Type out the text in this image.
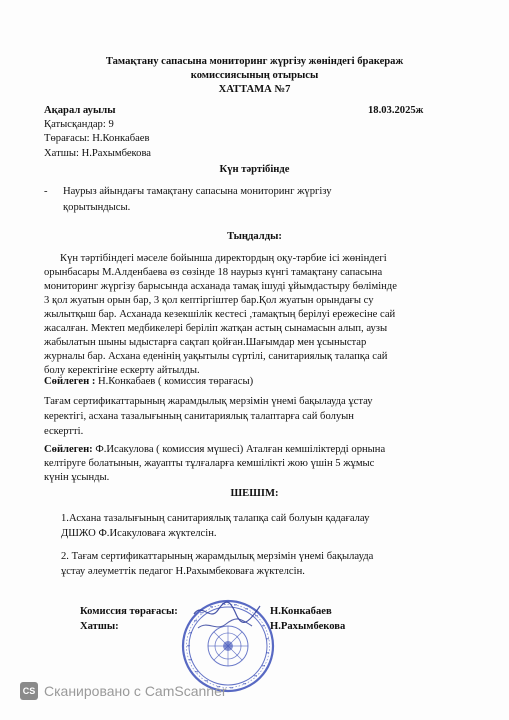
Тамақтану сапасына мониторинг жүргізу жөніндегі бракераж
комиссиясының отырысы
ХАТТАМА №7
Ақарал ауылы	18.03.2025ж
Қатысқандар: 9
Төрағасы: Н.Конкабаев
Хатшы: Н.Рахымбекова
Күн тәртібінде
- Наурыз айындағы тамақтану сапасына мониторинг жүргізу
қорытындысы.
Тыңдалды:
Күн тәртібіндегі мәселе бойынша директордың оқу-тәрбие ісі жөніндегі
орынбасары М.Алденбаева өз сөзінде 18 наурыз күнгі тамақтану сапасына
мониторинг жүргізу барысында асханада тамақ ішуді ұйымдастыру бөлімінде
3 қол жуатын орын бар, 3 қол кептіргіштер бар.Қол жуатын орындағы су
жылытқыш бар. Асханада кезекшілік кестесі ,тамақтың берілуі ережесіне сай
жасалған. Мектеп медбикелері беріліп жатқан астың сынамасын алып, аузы
жабылатын шыны ыдыстарға сақтап қойған.Шағымдар мен ұсыныстар
журналы бар. Асхана еденінің уақытылы сүртілі, санитариялық талапқа сай
болу керектігіне ескерту айтылды.
Сөйлеген : Н.Конкабаев ( комиссия төрағасы)
Тағам сертификаттарының жарамдылық мерзімін үнемі бақылауда ұстау
керектігі, асхана тазалығының санитариялық талаптарға сай болуын
ескертті.
Сөйлеген: Ф.Исакулова ( комиссия мүшесі) Аталған кемшіліктерді орнына
келтіруге болатынын, жауапты тұлғаларға кемшілікті жою үшін 5 жұмыс
күнін ұсынды.
ШЕШІМ:
1.Асхана тазалығының санитариялық талапқа сай болуын қадағалау
ДШЖО Ф.Исакуловаға жүктелсін.
2. Тағам сертификаттарының жарамдылық мерзімін үнемі бақылауда
ұстау әлеуметтік педагог Н.Рахымбековаға жүктелсін.
Комиссия төрағасы:	Н.Конкабаев
Хатшы:	Н.Рахымбекова
CS Сканировано с CamScanner
